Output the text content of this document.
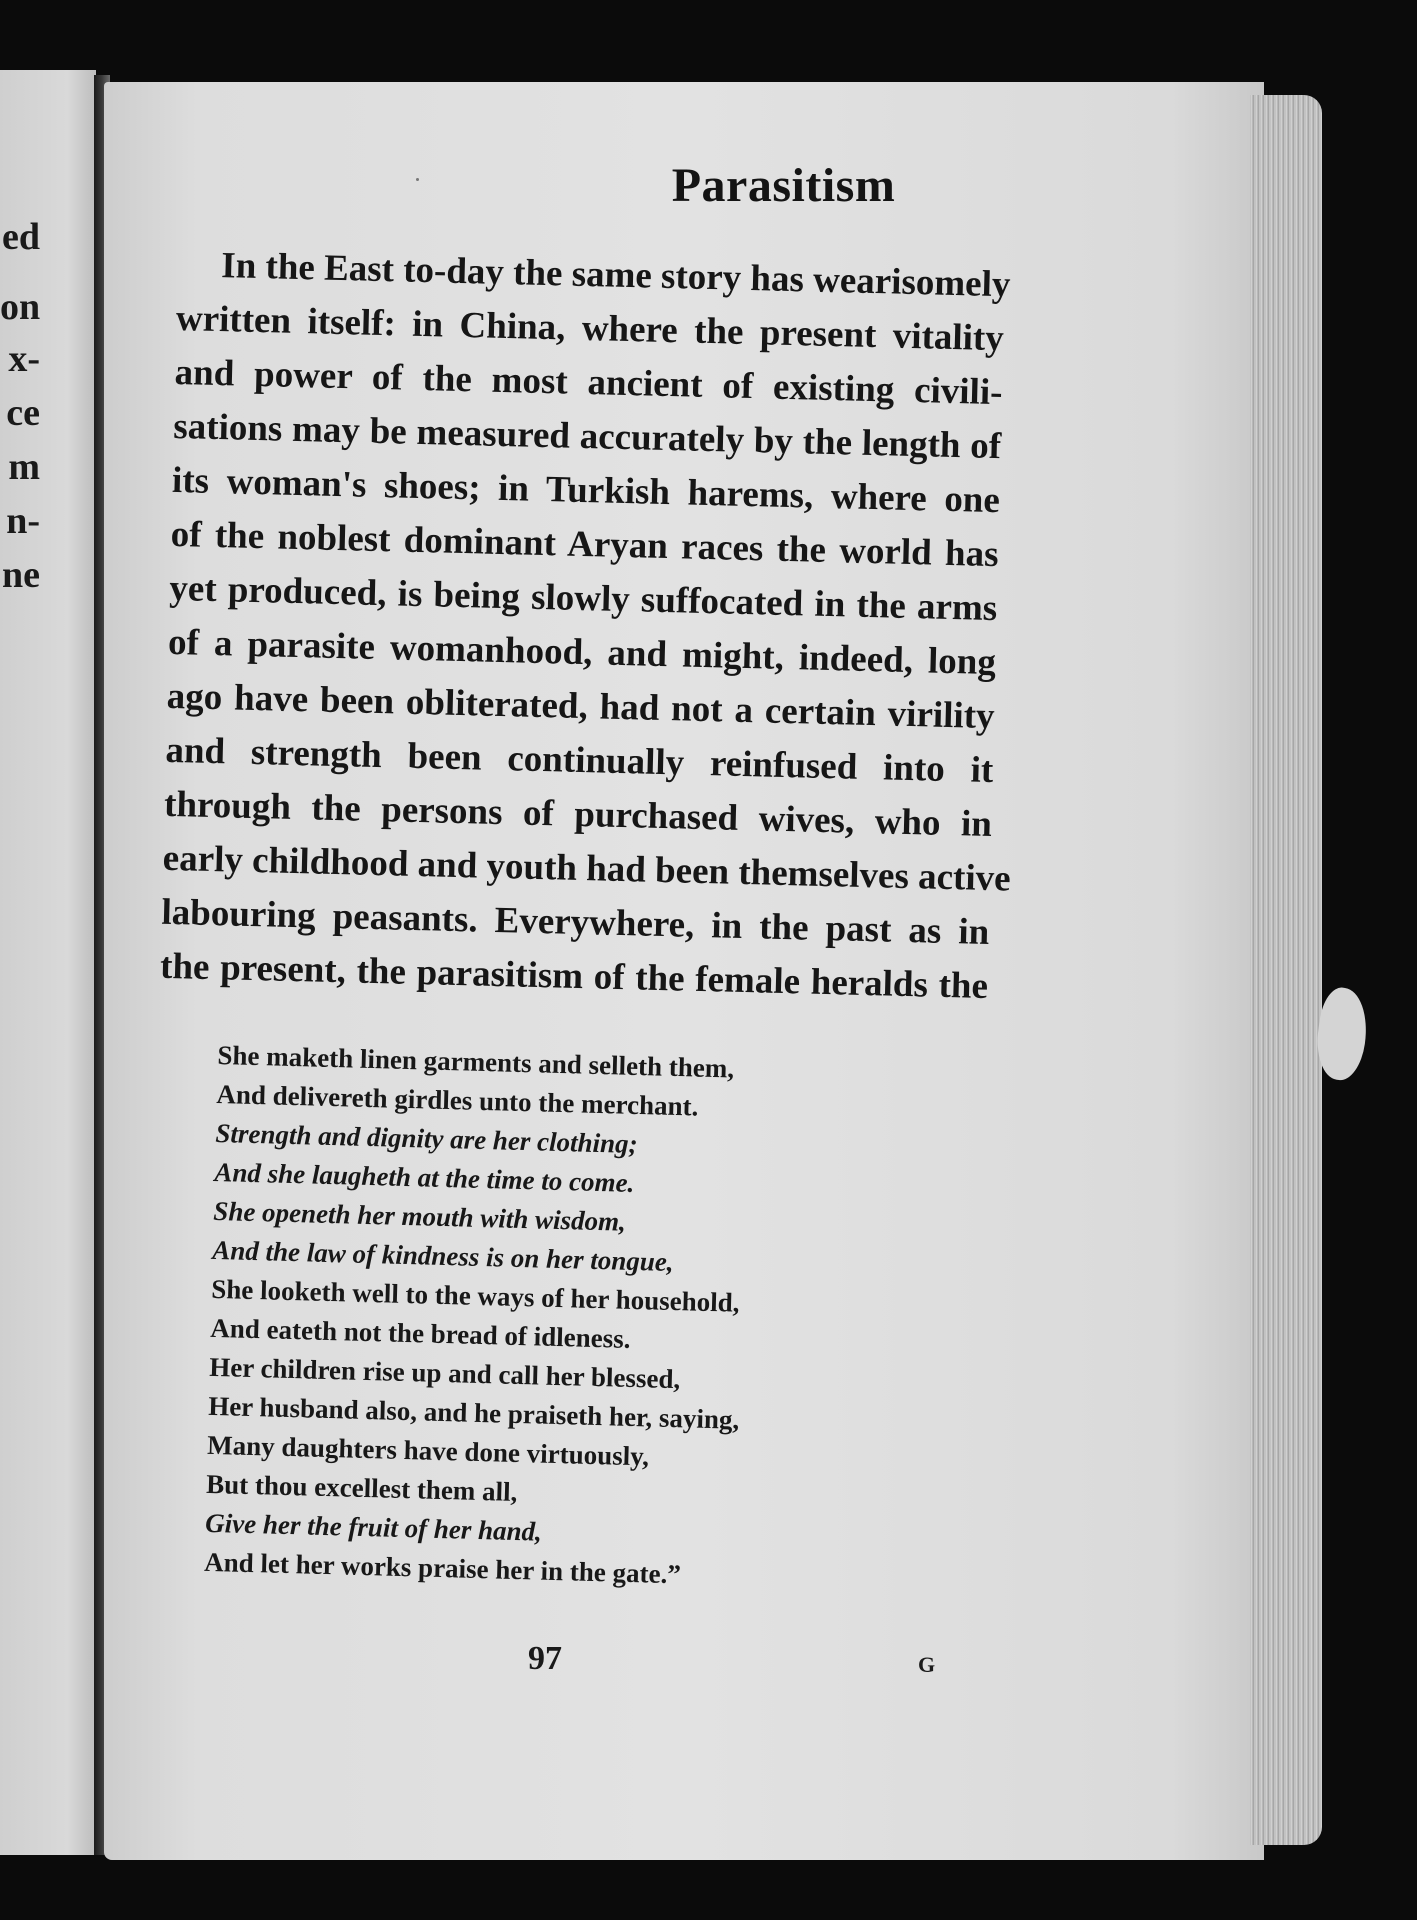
ed
on
x-
ce
m
n-
ne
Parasitism
In the East to-day the same story has wearisomely
written itself: in China, where the present vitality
and power of the most ancient of existing civili-
sations may be measured accurately by the length of
its woman's shoes; in Turkish harems, where one
of the noblest dominant Aryan races the world has
yet produced, is being slowly suffocated in the arms
of a parasite womanhood, and might, indeed, long
ago have been obliterated, had not a certain virility
and strength been continually reinfused into it
through the persons of purchased wives, who in
early childhood and youth had been themselves active
labouring peasants. Everywhere, in the past as in
the present, the parasitism of the female heralds the
She maketh linen garments and selleth them,
And delivereth girdles unto the merchant.
Strength and dignity are her clothing;
And she laugheth at the time to come.
She openeth her mouth with wisdom,
And the law of kindness is on her tongue,
She looketh well to the ways of her household,
And eateth not the bread of idleness.
Her children rise up and call her blessed,
Her husband also, and he praiseth her, saying,
Many daughters have done virtuously,
But thou excellest them all,
Give her the fruit of her hand,
And let her works praise her in the gate.”
97	G
